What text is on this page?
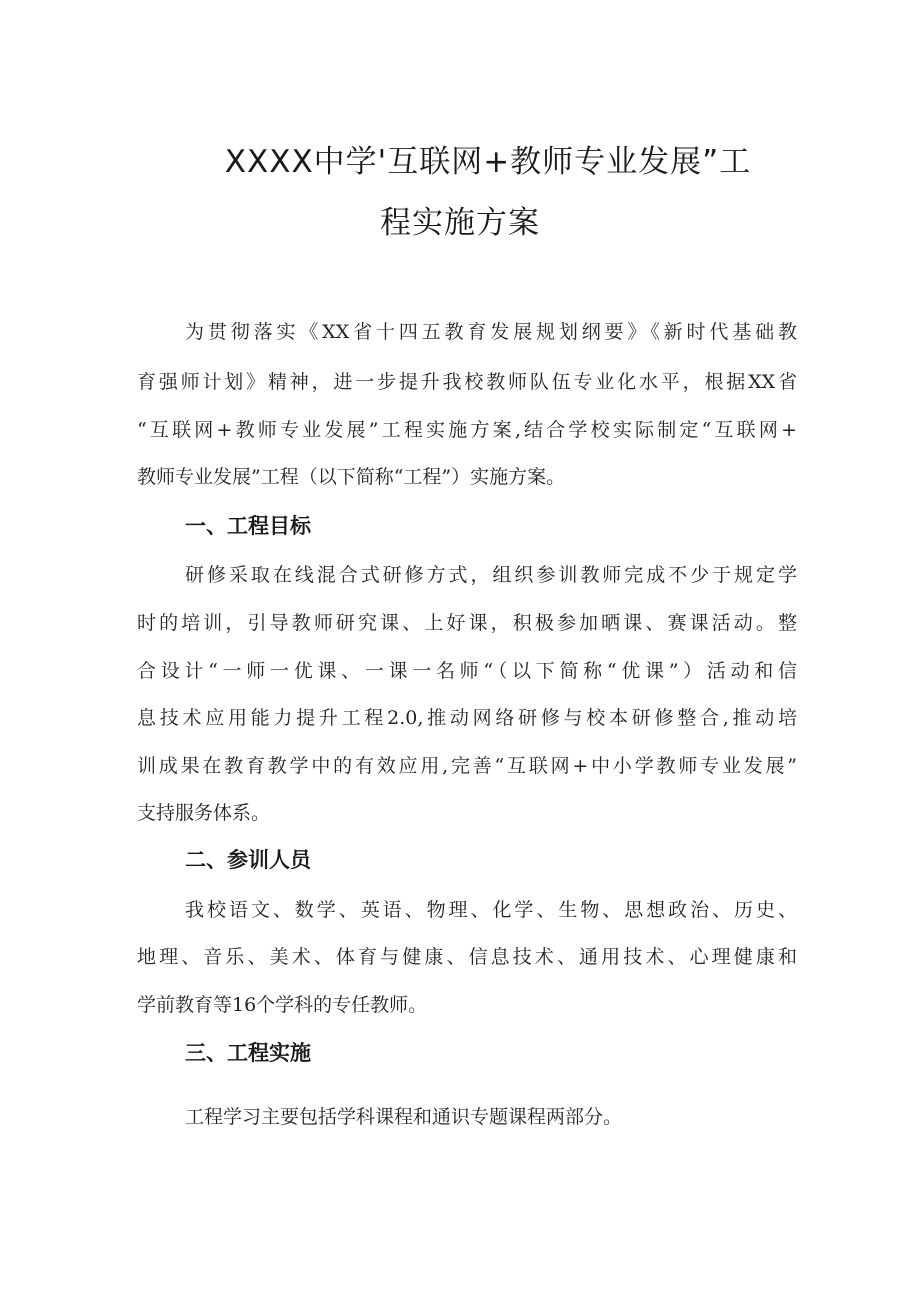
XXXX中学'互联网+教师专业发展”工
程实施方案
为贯彻落实《XX省十四五教育发展规划纲要》《新时代基础教
育强师计划》精神，进一步提升我校教师队伍专业化水平，根据XX省
“互联网+教师专业发展”工程实施方案,结合学校实际制定“互联网+
教师专业发展”工程（以下简称“工程”）实施方案。
一、工程目标
研修采取在线混合式研修方式，组织参训教师完成不少于规定学
时的培训，引导教师研究课、上好课，积极参加晒课、赛课活动。整
合设计“一师一优课、一课一名师“（以下简称“优课”）活动和信
息技术应用能力提升工程2.0,推动网络研修与校本研修整合,推动培
训成果在教育教学中的有效应用,完善“互联网+中小学教师专业发展”
支持服务体系。
二、参训人员
我校语文、数学、英语、物理、化学、生物、思想政治、历史、
地理、音乐、美术、体育与健康、信息技术、通用技术、心理健康和
学前教育等16个学科的专任教师。
三、工程实施
工程学习主要包括学科课程和通识专题课程两部分。
